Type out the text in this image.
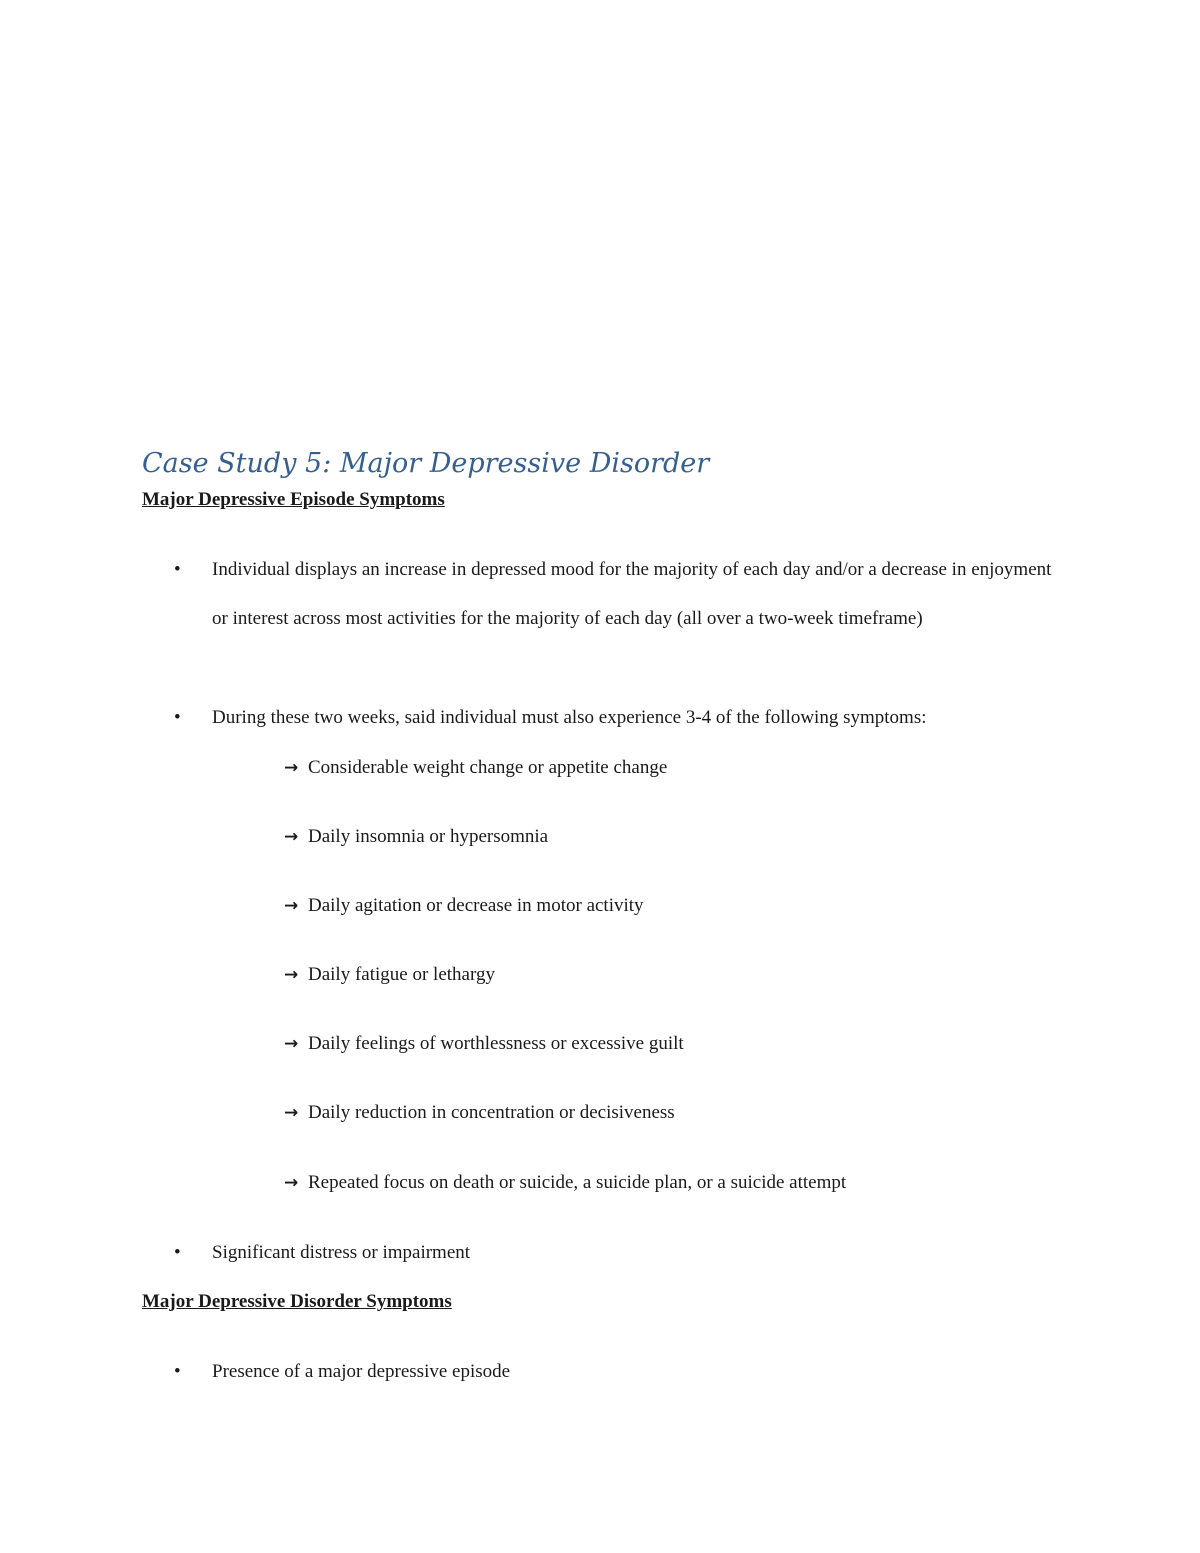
Case Study 5: Major Depressive Disorder
Major Depressive Episode Symptoms
• Individual displays an increase in depressed mood for the majority of each day and/or a decrease in enjoyment or interest across most activities for the majority of each day (all over a two-week timeframe)
• During these two weeks, said individual must also experience 3-4 of the following symptoms:
→ Considerable weight change or appetite change
→ Daily insomnia or hypersomnia
→ Daily agitation or decrease in motor activity
→ Daily fatigue or lethargy
→ Daily feelings of worthlessness or excessive guilt
→ Daily reduction in concentration or decisiveness
→ Repeated focus on death or suicide, a suicide plan, or a suicide attempt
• Significant distress or impairment
Major Depressive Disorder Symptoms
• Presence of a major depressive episode
